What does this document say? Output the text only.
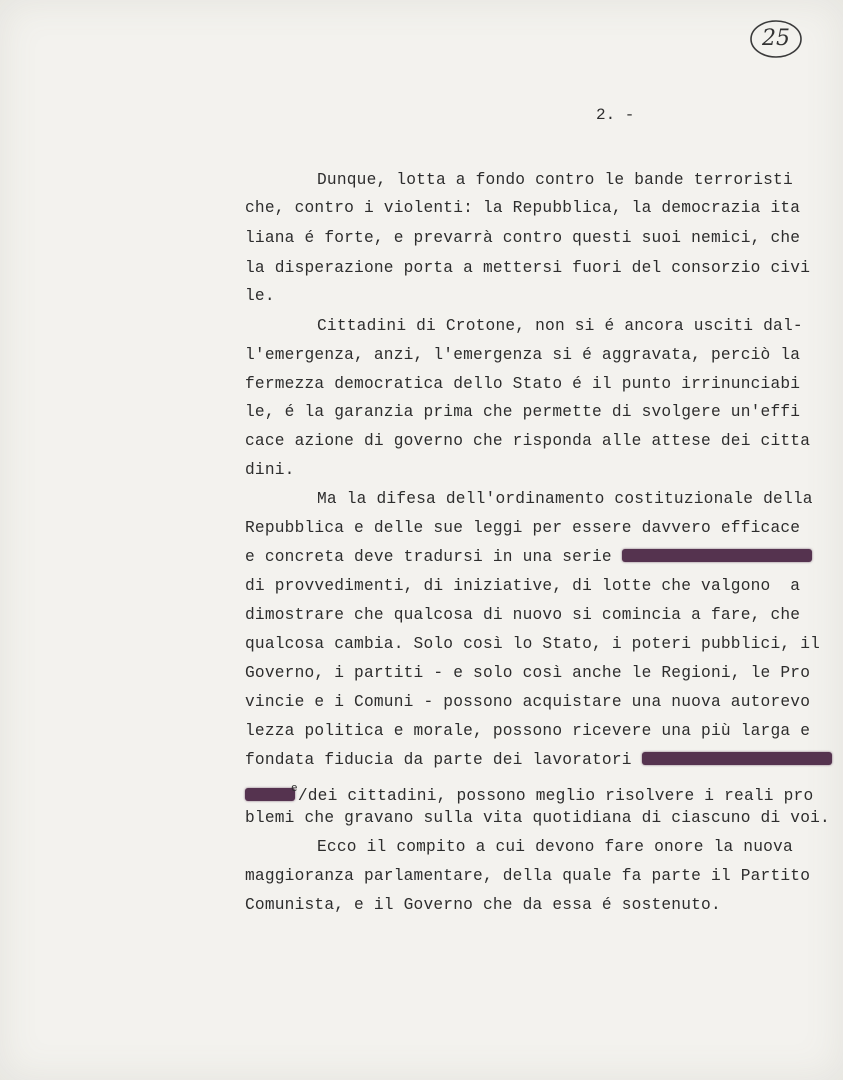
25
2. -
Dunque, lotta a fondo contro le bande terroristi
che, contro i violenti: la Repubblica, la democrazia ita
liana é forte, e prevarrà contro questi suoi nemici, che
la disperazione porta a mettersi fuori del consorzio civi
le.
Cittadini di Crotone, non si é ancora usciti dal-
l'emergenza, anzi, l'emergenza si é aggravata, perciò la
fermezza democratica dello Stato é il punto irrinunciabi
le, é la garanzia prima che permette di svolgere un'effi
cace azione di governo che risponda alle attese dei citta
dini.
Ma la difesa dell'ordinamento costituzionale della
Repubblica e delle sue leggi per essere davvero efficace
e concreta deve tradursi in una serie
di provvedimenti, di iniziative, di lotte che valgono  a
dimostrare che qualcosa di nuovo si comincia a fare, che
qualcosa cambia. Solo così lo Stato, i poteri pubblici, il
Governo, i partiti - e solo così anche le Regioni, le Pro
vincie e i Comuni - possono acquistare una nuova autorevo
lezza politica e morale, possono ricevere una più larga e
fondata fiducia da parte dei lavoratori
e/dei cittadini, possono meglio risolvere i reali pro
blemi che gravano sulla vita quotidiana di ciascuno di voi.
Ecco il compito a cui devono fare onore la nuova
maggioranza parlamentare, della quale fa parte il Partito
Comunista, e il Governo che da essa é sostenuto.
